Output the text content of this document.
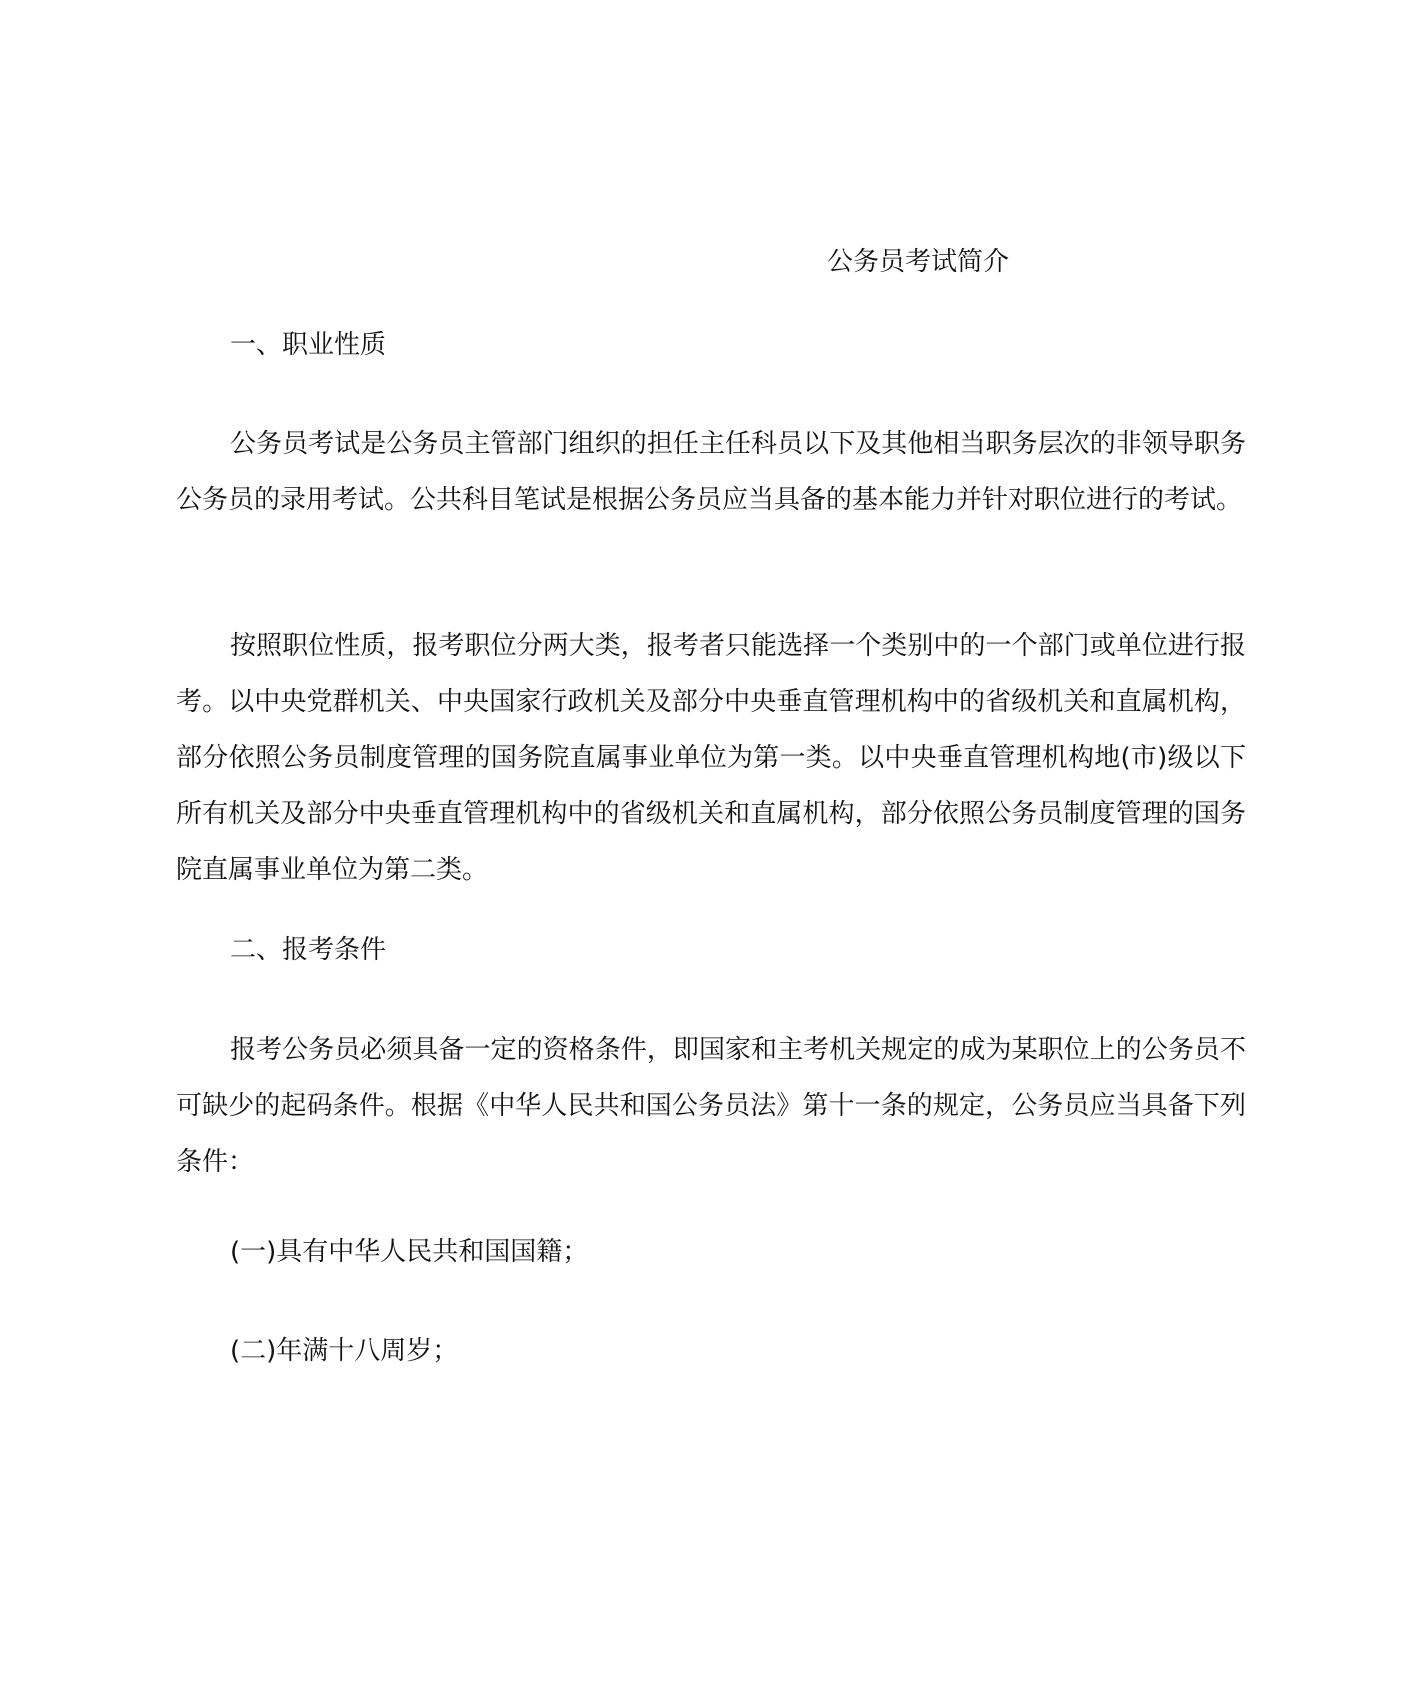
公务员考试简介
一、职业性质

公务员考试是公务员主管部门组织的担任主任科员以下及其他相当职务层次的非领导职务公务员的录用考试。公共科目笔试是根据公务员应当具备的基本能力并针对职位进行的考试。

按照职位性质，报考职位分两大类，报考者只能选择一个类别中的一个部门或单位进行报考。以中央党群机关、中央国家行政机关及部分中央垂直管理机构中的省级机关和直属机构，部分依照公务员制度管理的国务院直属事业单位为第一类。以中央垂直管理机构地(市)级以下所有机关及部分中央垂直管理机构中的省级机关和直属机构，部分依照公务员制度管理的国务院直属事业单位为第二类。

二、报考条件

报考公务员必须具备一定的资格条件，即国家和主考机关规定的成为某职位上的公务员不可缺少的起码条件。根据《中华人民共和国公务员法》第十一条的规定，公务员应当具备下列条件：

(一)具有中华人民共和国国籍；

(二)年满十八周岁；
